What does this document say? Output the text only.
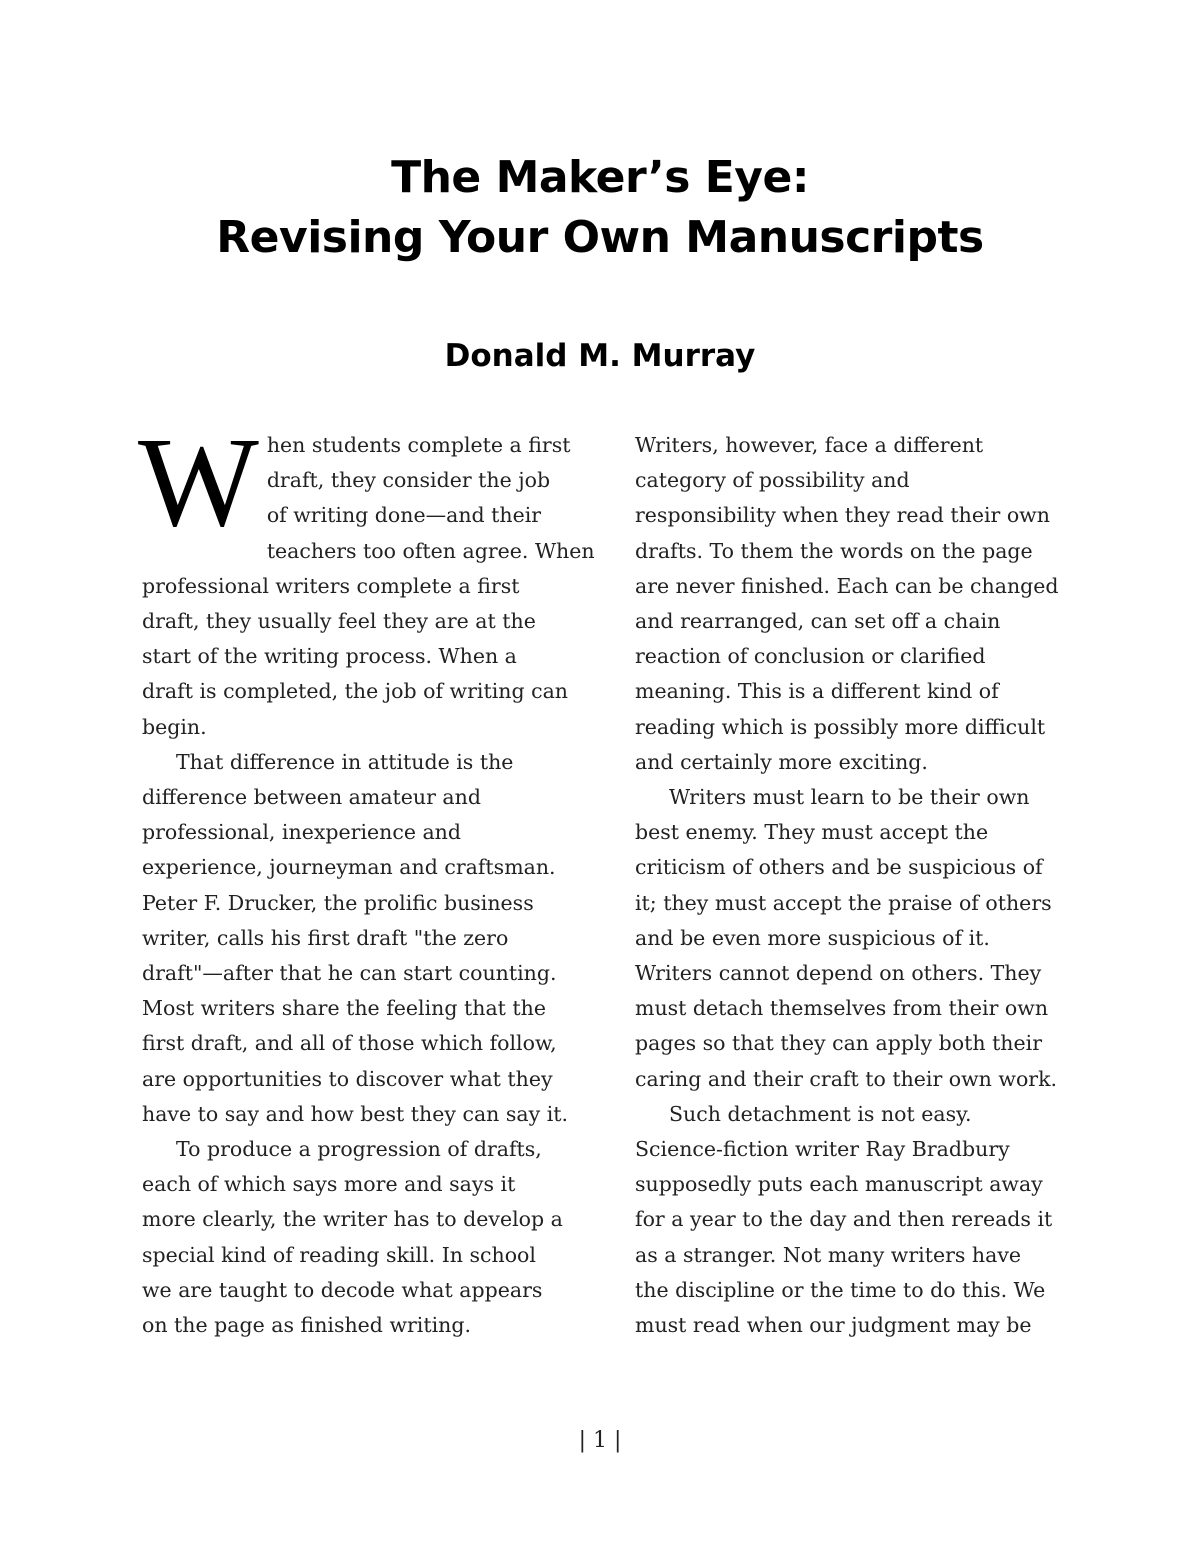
The Maker’s Eye:
Revising Your Own Manuscripts
Donald M. Murray

W hen students complete a first
draft, they consider the job
of writing done—and their
teachers too often agree. When
professional writers complete a first
draft, they usually feel they are at the
start of the writing process. When a
draft is completed, the job of writing can
begin.

That difference in attitude is the
difference between amateur and
professional, inexperience and
experience, journeyman and craftsman.
Peter F. Drucker, the prolific business
writer, calls his first draft "the zero
draft"—after that he can start counting.
Most writers share the feeling that the
first draft, and all of those which follow,
are opportunities to discover what they
have to say and how best they can say it.

To produce a progression of drafts,
each of which says more and says it
more clearly, the writer has to develop a
special kind of reading skill. In school
we are taught to decode what appears
on the page as finished writing.

Writers, however, face a different
category of possibility and
responsibility when they read their own
drafts. To them the words on the page
are never finished. Each can be changed
and rearranged, can set off a chain
reaction of conclusion or clarified
meaning. This is a different kind of
reading which is possibly more difficult
and certainly more exciting.

Writers must learn to be their own
best enemy. They must accept the
criticism of others and be suspicious of
it; they must accept the praise of others
and be even more suspicious of it.
Writers cannot depend on others. They
must detach themselves from their own
pages so that they can apply both their
caring and their craft to their own work.

Such detachment is not easy.
Science-fiction writer Ray Bradbury
supposedly puts each manuscript away
for a year to the day and then rereads it
as a stranger. Not many writers have
the discipline or the time to do this. We
must read when our judgment may be

| 1 |
